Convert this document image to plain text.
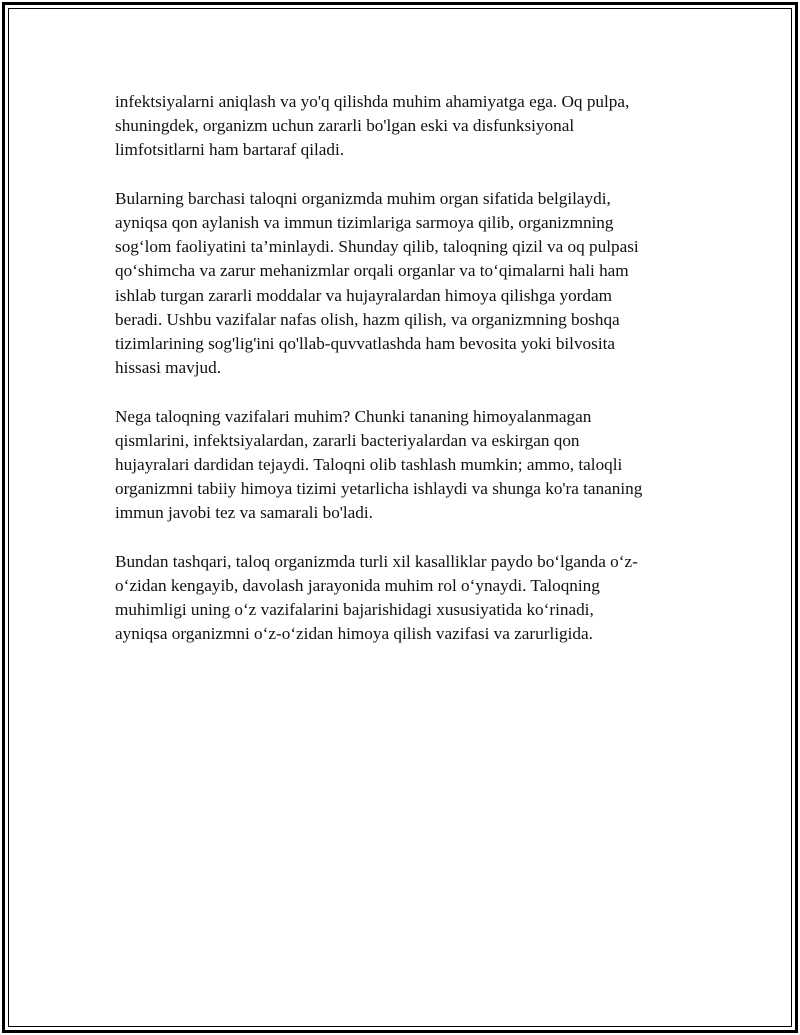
infektsiyalarni aniqlash va yo'q qilishda muhim ahamiyatga ega. Oq pulpa,
shuningdek, organizm uchun zararli bo'lgan eski va disfunksiyonal
limfotsitlarni ham bartaraf qiladi.

Bularning barchasi taloqni organizmda muhim organ sifatida belgilaydi,
ayniqsa qon aylanish va immun tizimlariga sarmoya qilib, organizmning
sog‘lom faoliyatini ta’minlaydi. Shunday qilib, taloqning qizil va oq pulpasi
qo‘shimcha va zarur mehanizmlar orqali organlar va to‘qimalarni hali ham
ishlab turgan zararli moddalar va hujayralardan himoya qilishga yordam
beradi. Ushbu vazifalar nafas olish, hazm qilish, va organizmning boshqa
tizimlarining sog'lig'ini qo'llab-quvvatlashda ham bevosita yoki bilvosita
hissasi mavjud.

Nega taloqning vazifalari muhim? Chunki tananing himoyalanmagan
qismlarini, infektsiyalardan, zararli bacteriyalardan va eskirgan qon
hujayralari dardidan tejaydi. Taloqni olib tashlash mumkin; ammo, taloqli
organizmni tabiiy himoya tizimi yetarlicha ishlaydi va shunga ko'ra tananing
immun javobi tez va samarali bo'ladi.

Bundan tashqari, taloq organizmda turli xil kasalliklar paydo bo‘lganda o‘z-
o‘zidan kengayib, davolash jarayonida muhim rol o‘ynaydi. Taloqning
muhimligi uning o‘z vazifalarini bajarishidagi xususiyatida ko‘rinadi,
ayniqsa organizmni o‘z-o‘zidan himoya qilish vazifasi va zarurligida.
